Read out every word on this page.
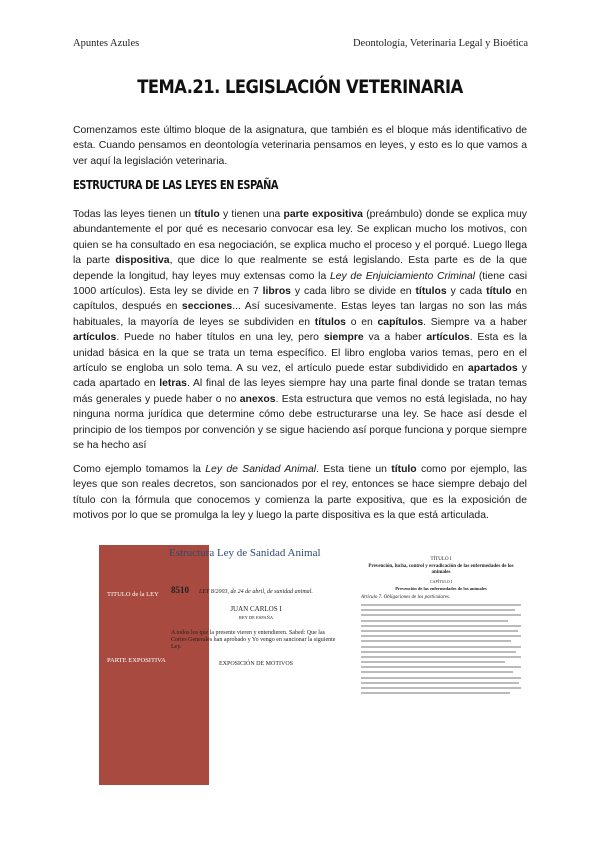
Apuntes Azules	Deontología, Veterinaria Legal y Bioética
TEMA.21. LEGISLACIÓN VETERINARIA
Comenzamos este último bloque de la asignatura, que también es el bloque más identificativo de esta. Cuando pensamos en deontología veterinaria pensamos en leyes, y esto es lo que vamos a ver aquí la legislación veterinaria.
ESTRUCTURA DE LAS LEYES EN ESPAÑA
Todas las leyes tienen un título y tienen una parte expositiva (preámbulo) donde se explica muy abundantemente el por qué es necesario convocar esa ley. Se explican mucho los motivos, con quien se ha consultado en esa negociación, se explica mucho el proceso y el porqué. Luego llega la parte dispositiva, que dice lo que realmente se está legislando. Esta parte es de la que depende la longitud, hay leyes muy extensas como la Ley de Enjuiciamiento Criminal (tiene casi 1000 artículos). Esta ley se divide en 7 libros y cada libro se divide en títulos y cada título en capítulos, después en secciones... Así sucesivamente. Estas leyes tan largas no son las más habituales, la mayoría de leyes se subdividen en títulos o en capítulos. Siempre va a haber artículos. Puede no haber títulos en una ley, pero siempre va a haber artículos. Esta es la unidad básica en la que se trata un tema específico. El libro engloba varios temas, pero en el artículo se engloba un solo tema. A su vez, el artículo puede estar subdividido en apartados y cada apartado en letras. Al final de las leyes siempre hay una parte final donde se tratan temas más generales y puede haber o no anexos. Esta estructura que vemos no está legislada, no hay ninguna norma jurídica que determine cómo debe estructurarse una ley. Se hace así desde el principio de los tiempos por convención y se sigue haciendo así porque funciona y porque siempre se ha hecho así
Como ejemplo tomamos la Ley de Sanidad Animal. Esta tiene un título como por ejemplo, las leyes que son reales decretos, son sancionados por el rey, entonces se hace siempre debajo del título con la fórmula que conocemos y comienza la parte expositiva, que es la exposición de motivos por lo que se promulga la ley y luego la parte dispositiva es la que está articulada.
TITULO de la LEY
PARTE EXPOSITIVA
Estructura Ley de Sanidad Animal
8510 LEY 8/2003, de 24 de abril, de sanidad animal.
JUAN CARLOS I
REY DE ESPAÑA
A todos los que la presente vieren y entendieren. Sabed: Que las Cortes Generales han aprobado y Yo vengo en sancionar la siguiente Ley.
EXPOSICIÓN DE MOTIVOS
TÍTULO I
Prevención, lucha, control y erradicación de las enfermedades de los animales
CAPÍTULO I
Prevención de las enfermedades de los animales
Artículo 7. Obligaciones de los particulares.
